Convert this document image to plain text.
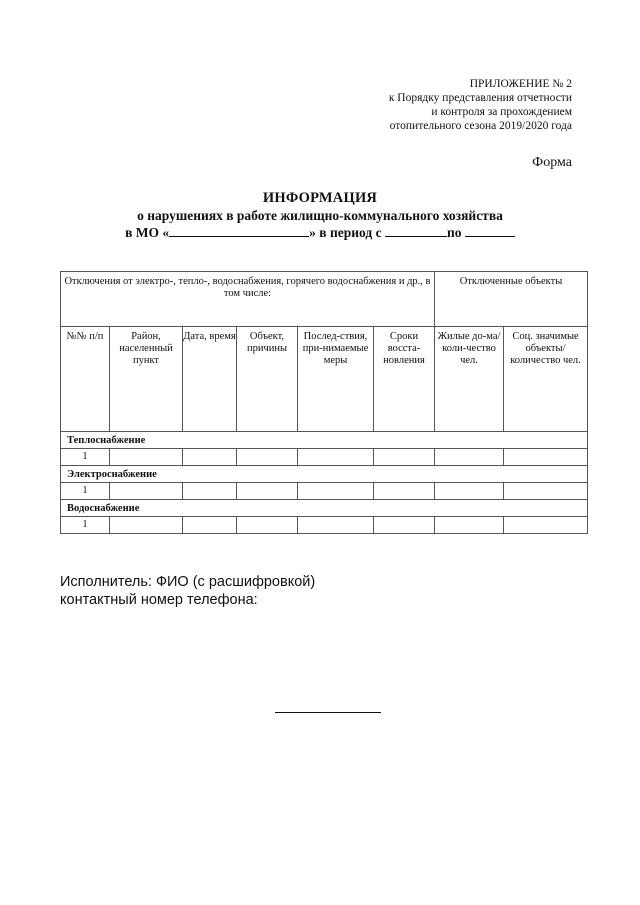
ПРИЛОЖЕНИЕ № 2
к Порядку представления отчетности
и контроля за прохождением
отопительного сезона 2019/2020 года
Форма
ИНФОРМАЦИЯ
о нарушениях в работе жилищно-коммунального хозяйства
в МО «	» в период с	по
Отключения от электро-, тепло-, водоснабжения, горячего водоснабжения и др., в том числе:						Отключенные объекты	
№№ п/п	Район, населенный пункт	Дата, время	Объект, причины	Послед-ствия, при-нимаемые меры	Сроки восста-новления	Жилые до-ма/коли-чество чел.	Соц. значимые объекты/ количество чел.
Теплоснабжение							
1							
Электроснабжение							
1							
Водоснабжение							
1							
Исполнитель: ФИО (с расшифровкой)
контактный номер телефона:
